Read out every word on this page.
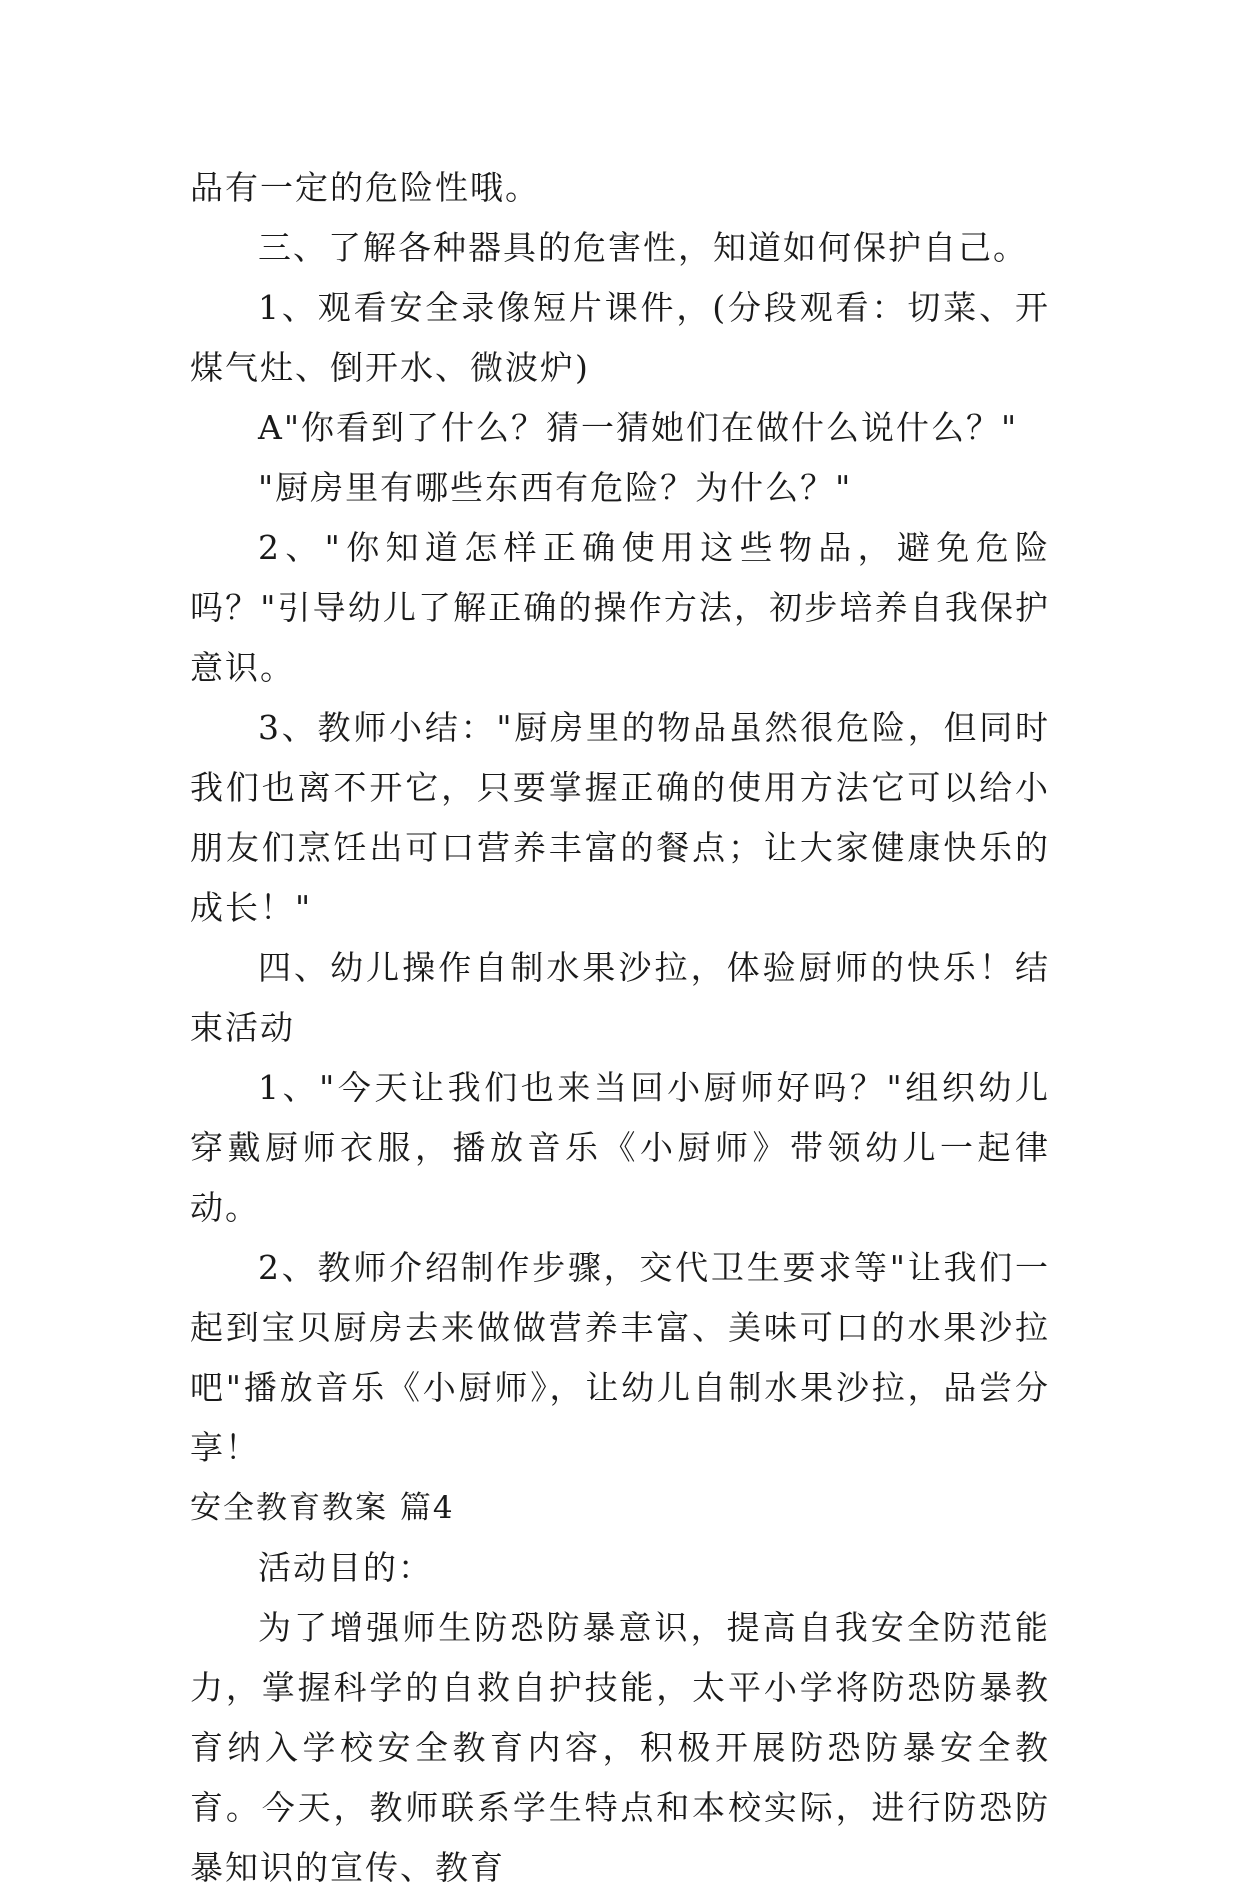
品有一定的危险性哦。

三、了解各种器具的危害性，知道如何保护自己。

1、观看安全录像短片课件，(分段观看：切菜、开煤气灶、倒开水、微波炉)

A"你看到了什么？猜一猜她们在做什么说什么？"

"厨房里有哪些东西有危险？为什么？"

2、"你知道怎样正确使用这些物品，避免危险吗？"引导幼儿了解正确的操作方法，初步培养自我保护意识。

3、教师小结："厨房里的物品虽然很危险，但同时我们也离不开它，只要掌握正确的使用方法它可以给小朋友们烹饪出可口营养丰富的餐点；让大家健康快乐的成长！"

四、幼儿操作自制水果沙拉，体验厨师的快乐！结束活动

1、"今天让我们也来当回小厨师好吗？"组织幼儿穿戴厨师衣服，播放音乐《小厨师》带领幼儿一起律动。

2、教师介绍制作步骤，交代卫生要求等"让我们一起到宝贝厨房去来做做营养丰富、美味可口的水果沙拉吧"播放音乐《小厨师》，让幼儿自制水果沙拉，品尝分享！

安全教育教案 篇4

活动目的：

为了增强师生防恐防暴意识，提高自我安全防范能力，掌握科学的自救自护技能，太平小学将防恐防暴教育纳入学校安全教育内容，积极开展防恐防暴安全教育。今天，教师联系学生特点和本校实际，进行防恐防暴知识的宣传、教育
